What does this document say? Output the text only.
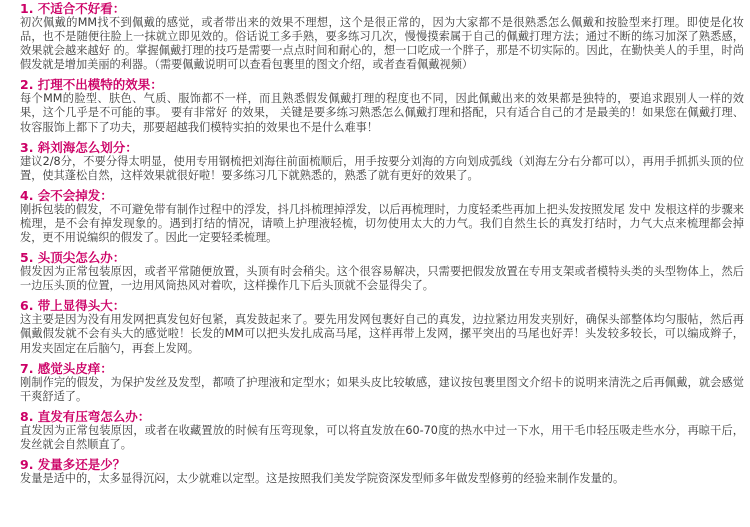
1. 不适合不好看：
初次佩戴的MM找不到佩戴的感觉，或者带出来的效果不理想，这个是很正常的，因为大家都不是很熟悉怎么佩戴和按脸型来打理。即使是化妆品，也不是随便往脸上一抹就立即见效的。俗话说工多手熟，要多练习几次，慢慢摸索属于自己的佩戴打理方法；通过不断的练习加深了熟悉感，效果就会越来越好 的。掌握佩戴打理的技巧是需要一点点时间和耐心的，想一口吃成一个胖子，那是不切实际的。因此，在勤快美人的手里，时尚假发就是增加美丽的利器。（需要佩戴说明可以查看包裹里的图文介绍，或者查看佩戴视频）
2. 打理不出模特的效果：
每个MM的脸型、肤色、气质、服饰都不一样，而且熟悉假发佩戴打理的程度也不同，因此佩戴出来的效果都是独特的，要追求跟别人一样的效果，这个几乎是不可能的事。 要有非常好 的效果， 关键是要多练习熟悉怎么佩戴打理和搭配，只有适合自己的才是最美的！如果您在佩戴打理、妆容服饰上都下了功夫，那要超越我们模特实拍的效果也不是什么难事！
3. 斜刘海怎么划分：
建议2/8分，不要分得太明显，使用专用钢梳把刘海往前面梳顺后，用手按要分刘海的方向划成弧线（刘海左分右分都可以），再用手抓抓头顶的位置，使其蓬松自然，这样效果就很好啦！要多练习几下就熟悉的，熟悉了就有更好的效果了。
4. 会不会掉发：
刚拆包装的假发，不可避免带有制作过程中的浮发，抖几抖梳理掉浮发，以后再梳理时，力度轻柔些再加上把头发按照发尾 发中 发根这样的步骤来梳理，是不会有掉发现象的。遇到打结的情况，请喷上护理液轻梳，切勿使用太大的力气。我们自然生长的真发打结时，力气大点来梳理都会掉发，更不用说编织的假发了。因此一定要轻柔梳理。
5. 头顶尖怎么办：
假发因为正常包装原因，或者平常随便放置，头顶有时会稍尖。这个很容易解决，只需要把假发放置在专用支架或者模特头类的头型物体上，然后一边压头顶的位置，一边用风筒热风对着吹，这样操作几下后头顶就不会显得尖了。
6. 带上显得头大：
这主要是因为没有用发网把真发包好包紧，真发鼓起来了。要先用发网包裹好自己的真发，边拉紧边用发夹别好，确保头部整体均匀服帖，然后再佩戴假发就不会有头大的感觉啦！长发的MM可以把头发扎成高马尾，这样再带上发网，摞平突出的马尾也好弄！头发较多较长，可以编成辫子，用发夹固定在后脑勺，再套上发网。
7. 感觉头皮痒：
刚制作完的假发，为保护发丝及发型，都喷了护理液和定型水；如果头皮比较敏感，建议按包裹里图文介绍卡的说明来清洗之后再佩戴，就会感觉干爽舒适了。
8. 直发有压弯怎么办：
直发因为正常包装原因，或者在收藏置放的时候有压弯现象，可以将直发放在60-70度的热水中过一下水，用干毛巾轻压吸走些水分，再晾干后，发丝就会自然顺直了。
9. 发量多还是少？
发量是适中的，太多显得沉闷，太少就难以定型。这是按照我们美发学院资深发型师多年做发型修剪的经验来制作发量的。
